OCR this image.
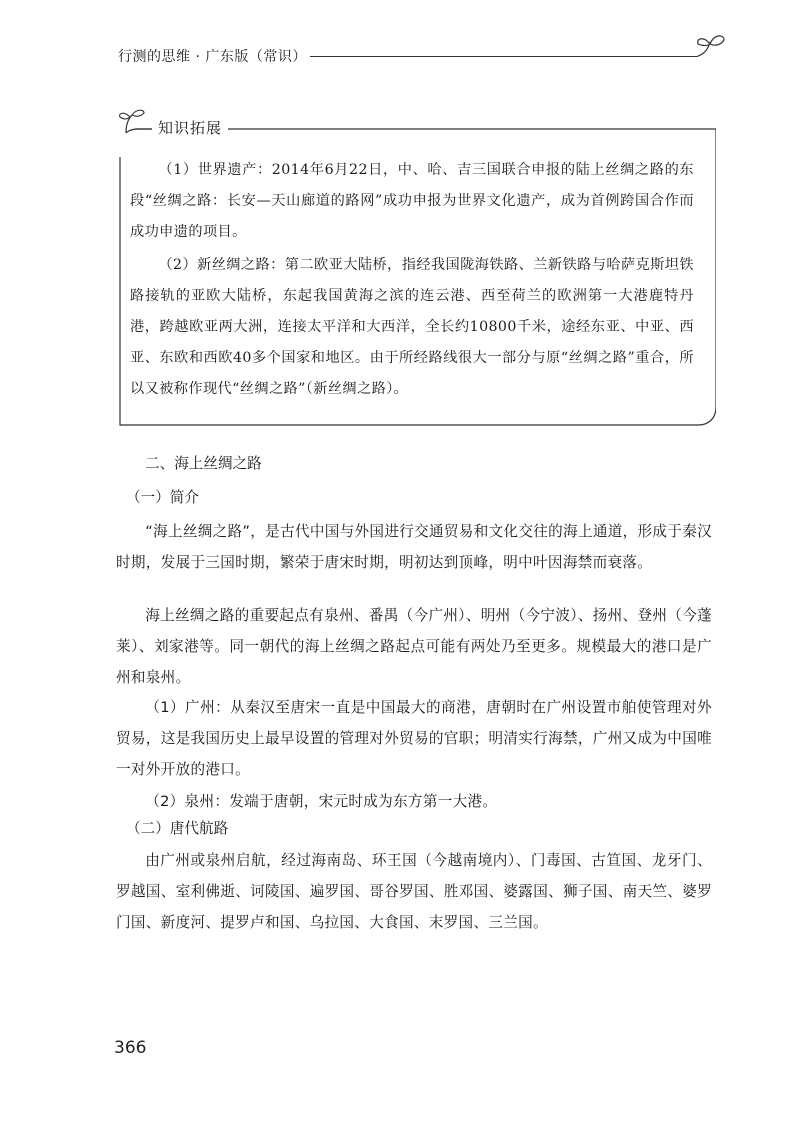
行测的思维 · 广东版（常识）
知识拓展

（1）世界遗产：2014年6月22日，中、哈、吉三国联合申报的陆上丝绸之路的东段“丝绸之路：长安—天山廊道的路网”成功申报为世界文化遗产，成为首例跨国合作而成功申遗的项目。

（2）新丝绸之路：第二欧亚大陆桥，指经我国陇海铁路、兰新铁路与哈萨克斯坦铁路接轨的亚欧大陆桥，东起我国黄海之滨的连云港、西至荷兰的欧洲第一大港鹿特丹港，跨越欧亚两大洲，连接太平洋和大西洋，全长约10800千米，途经东亚、中亚、西亚、东欧和西欧40多个国家和地区。由于所经路线很大一部分与原“丝绸之路”重合，所以又被称作现代“丝绸之路”（新丝绸之路）。

二、海上丝绸之路
（一）简介

“海上丝绸之路”，是古代中国与外国进行交通贸易和文化交往的海上通道，形成于秦汉时期，发展于三国时期，繁荣于唐宋时期，明初达到顶峰，明中叶因海禁而衰落。

海上丝绸之路的重要起点有泉州、番禺（今广州）、明州（今宁波）、扬州、登州（今蓬莱）、刘家港等。同一朝代的海上丝绸之路起点可能有两处乃至更多。规模最大的港口是广州和泉州。

（1）广州：从秦汉至唐宋一直是中国最大的商港，唐朝时在广州设置市舶使管理对外贸易，这是我国历史上最早设置的管理对外贸易的官职；明清实行海禁，广州又成为中国唯一对外开放的港口。

（2）泉州：发端于唐朝，宋元时成为东方第一大港。

（二）唐代航路

由广州或泉州启航，经过海南岛、环王国（今越南境内）、门毒国、古笪国、龙牙门、罗越国、室利佛逝、诃陵国、遍罗国、哥谷罗国、胜邓国、婆露国、狮子国、南天竺、婆罗门国、新度河、提罗卢和国、乌拉国、大食国、末罗国、三兰国。

366
